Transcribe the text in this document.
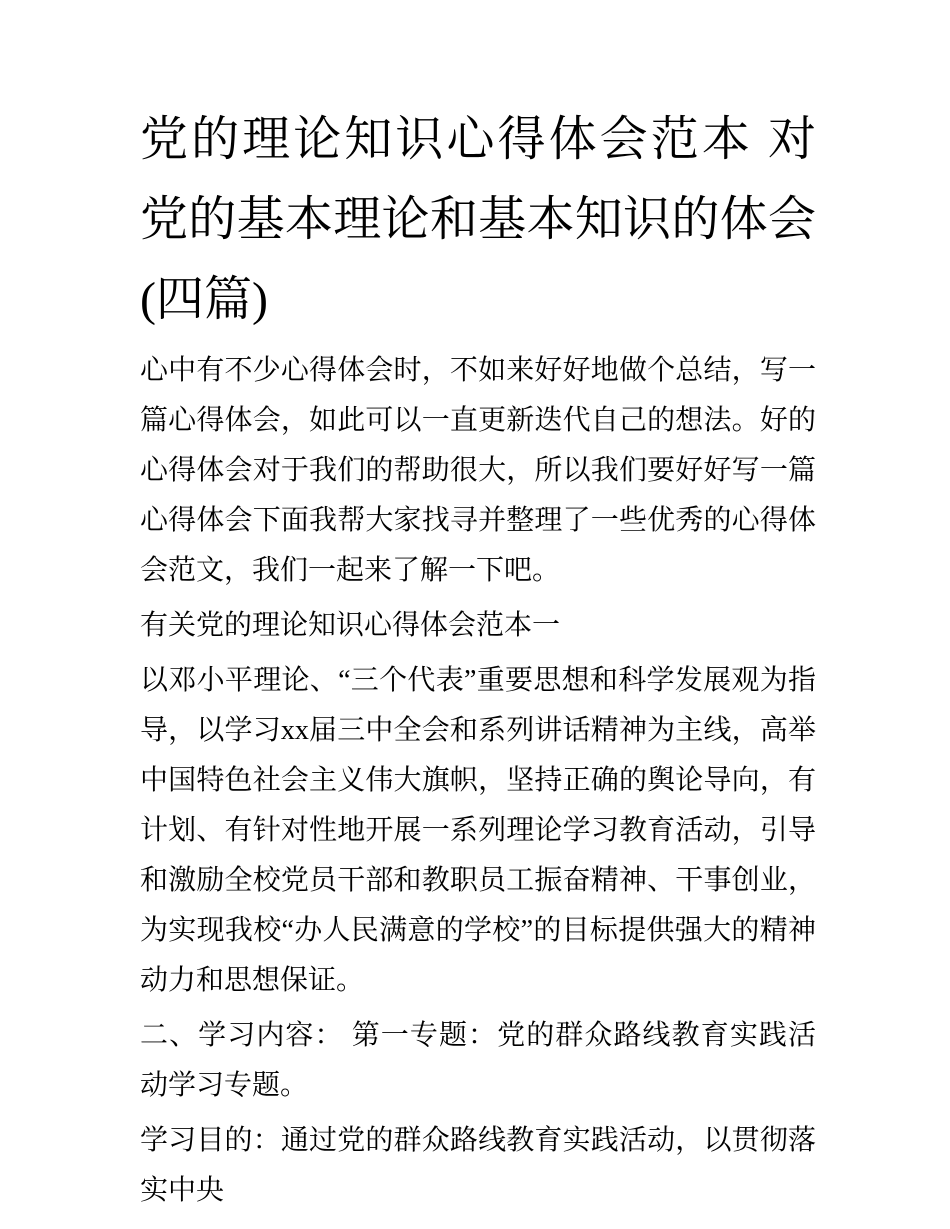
党的理论知识心得体会范本 对党的基本理论和基本知识的体会(四篇)

心中有不少心得体会时，不如来好好地做个总结，写一篇心得体会，如此可以一直更新迭代自己的想法。好的心得体会对于我们的帮助很大，所以我们要好好写一篇心得体会下面我帮大家找寻并整理了一些优秀的心得体会范文，我们一起来了解一下吧。

有关党的理论知识心得体会范本一

以邓小平理论、“三个代表”重要思想和科学发展观为指导，以学习xx届三中全会和系列讲话精神为主线，高举中国特色社会主义伟大旗帜，坚持正确的舆论导向，有计划、有针对性地开展一系列理论学习教育活动，引导和激励全校党员干部和教职员工振奋精神、干事创业，为实现我校“办人民满意的学校”的目标提供强大的精神动力和思想保证。

二、学习内容： 第一专题：党的群众路线教育实践活动学习专题。

学习目的：通过党的群众路线教育实践活动，以贯彻落实中央
